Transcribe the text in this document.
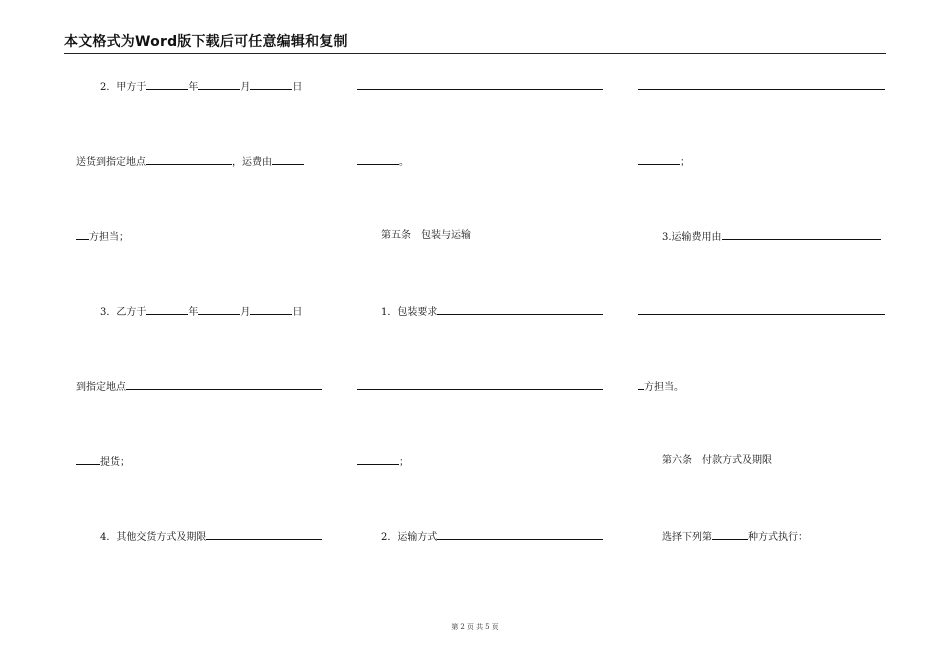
本文格式为Word版下载后可任意编辑和复制
2．甲方于	年	月	日
送货到指定地点	，运费由
方担当；
3．乙方于	年	月	日
到指定地点
提货；
4．其他交货方式及期限
。
第五条　包装与运输
1．包装要求
；
2．运输方式
；
3.运输费用由
方担当。
第六条　付款方式及期限
选择下列第	种方式执行：
第 2 页 共 5 页
